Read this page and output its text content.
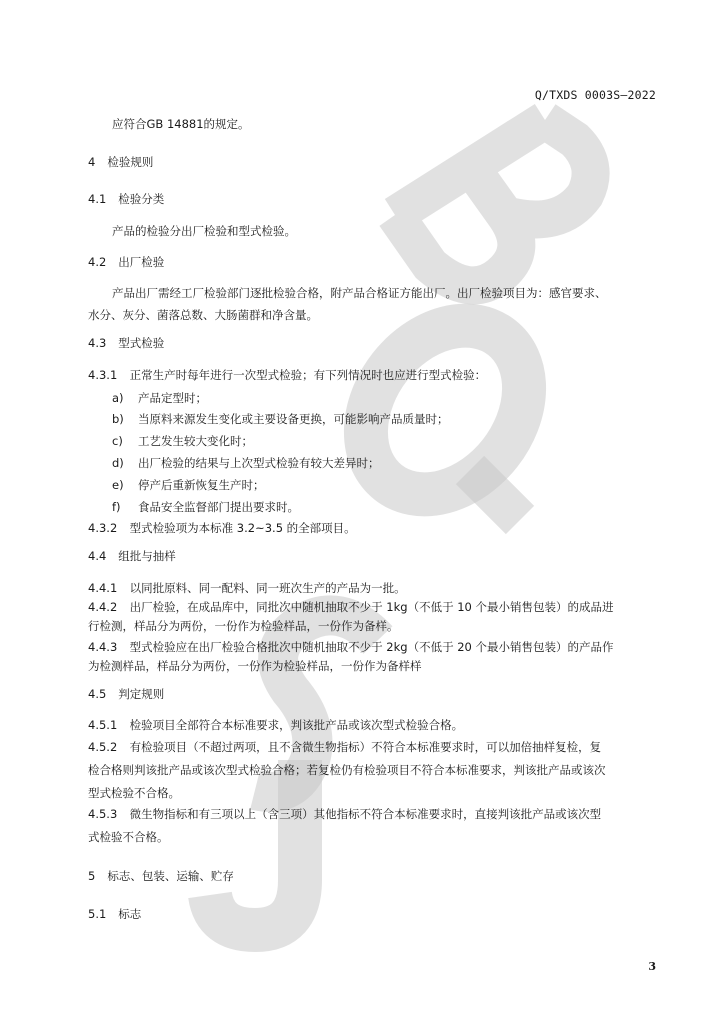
Q/TXDS 0003S—2022
应符合GB 14881的规定。
4 检验规则
4.1 检验分类
产品的检验分出厂检验和型式检验。
4.2 出厂检验
产品出厂需经工厂检验部门逐批检验合格，附产品合格证方能出厂。出厂检验项目为：感官要求、
水分、灰分、菌落总数、大肠菌群和净含量。
4.3 型式检验
4.3.1 正常生产时每年进行一次型式检验；有下列情况时也应进行型式检验：
a) 产品定型时；
b) 当原料来源发生变化或主要设备更换，可能影响产品质量时；
c) 工艺发生较大变化时；
d) 出厂检验的结果与上次型式检验有较大差异时；
e) 停产后重新恢复生产时；
f) 食品安全监督部门提出要求时。
4.3.2 型式检验项为本标准 3.2~3.5 的全部项目。
4.4 组批与抽样
4.4.1 以同批原料、同一配料、同一班次生产的产品为一批。
4.4.2 出厂检验，在成品库中，同批次中随机抽取不少于 1kg（不低于 10 个最小销售包装）的成品进
行检测，样品分为两份，一份作为检验样品，一份作为备样。
4.4.3 型式检验应在出厂检验合格批次中随机抽取不少于 2kg（不低于 20 个最小销售包装）的产品作
为检测样品，样品分为两份，一份作为检验样品，一份作为备样样
4.5 判定规则
4.5.1 检验项目全部符合本标准要求，判该批产品或该次型式检验合格。
4.5.2 有检验项目（不超过两项，且不含微生物指标）不符合本标准要求时，可以加倍抽样复检，复
检合格则判该批产品或该次型式检验合格；若复检仍有检验项目不符合本标准要求，判该批产品或该次
型式检验不合格。
4.5.3 微生物指标和有三项以上（含三项）其他指标不符合本标准要求时，直接判该批产品或该次型
式检验不合格。
5 标志、包装、运输、贮存
5.1 标志
3
